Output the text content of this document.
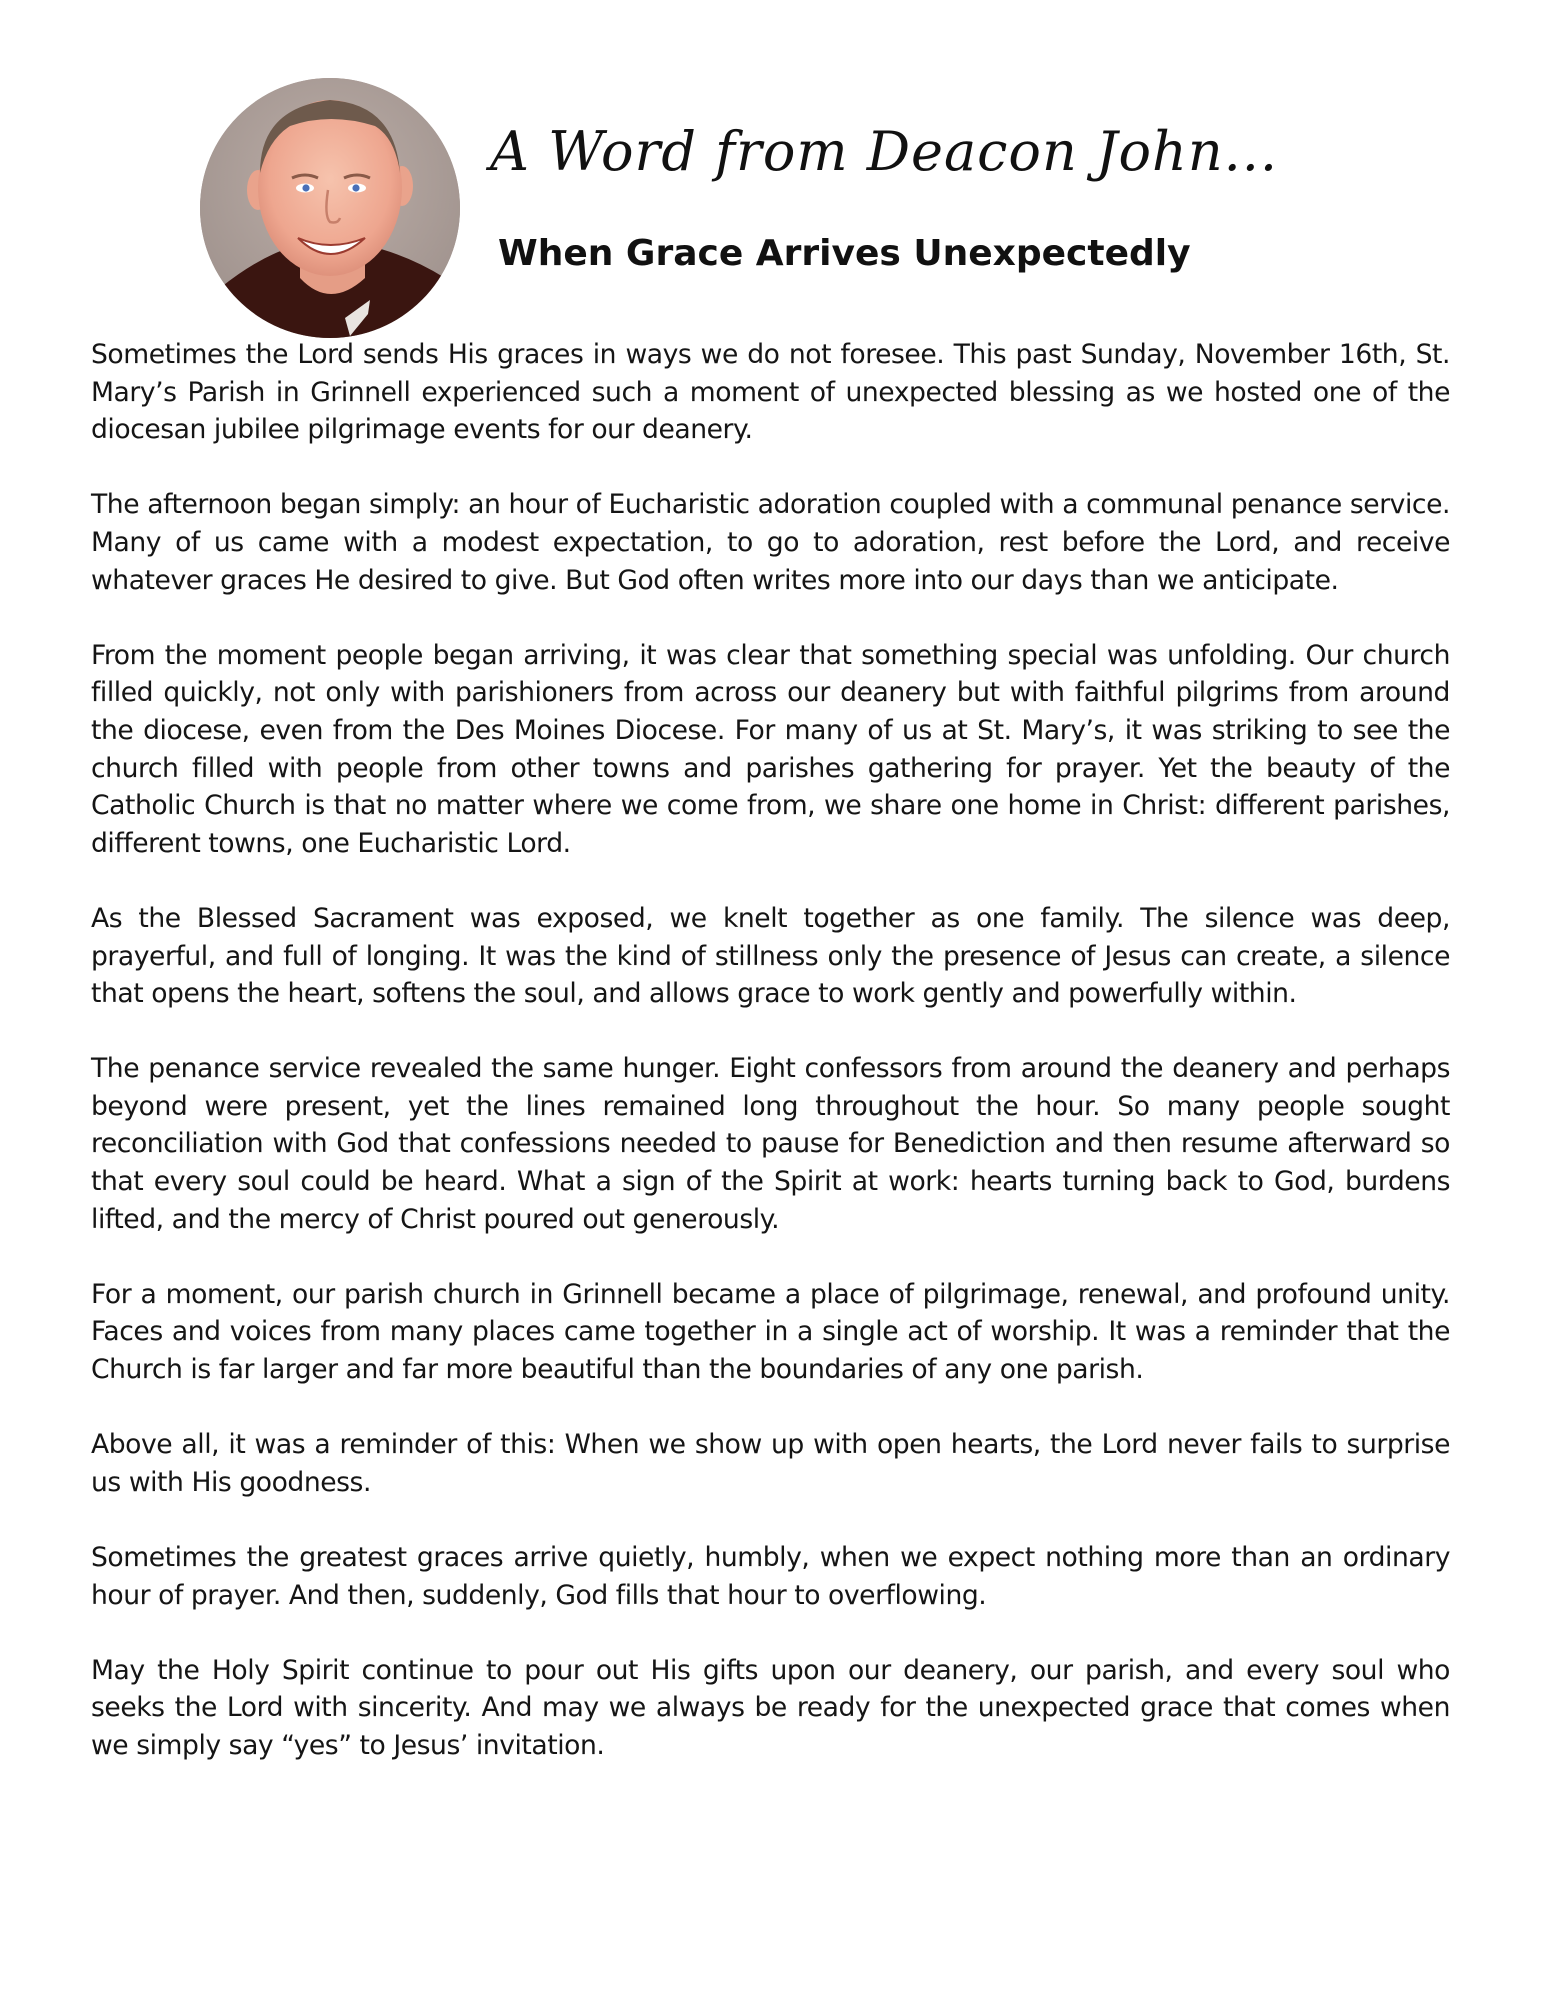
A Word from Deacon John...
When Grace Arrives Unexpectedly

Sometimes the Lord sends His graces in ways we do not foresee. This past Sunday, November 16th, St. Mary’s Parish in Grinnell experienced such a moment of unexpected blessing as we hosted one of the diocesan jubilee pilgrimage events for our deanery.

The afternoon began simply: an hour of Eucharistic adoration coupled with a communal penance service. Many of us came with a modest expectation, to go to adoration, rest before the Lord, and receive whatever graces He desired to give. But God often writes more into our days than we anticipate.

From the moment people began arriving, it was clear that something special was unfolding. Our church filled quickly, not only with parishioners from across our deanery but with faithful pilgrims from around the diocese, even from the Des Moines Diocese. For many of us at St. Mary’s, it was striking to see the church filled with people from other towns and parishes gathering for prayer. Yet the beauty of the Catholic Church is that no matter where we come from, we share one home in Christ: different parishes, different towns, one Eucharistic Lord.

As the Blessed Sacrament was exposed, we knelt together as one family. The silence was deep, prayerful, and full of longing. It was the kind of stillness only the presence of Jesus can create, a silence that opens the heart, softens the soul, and allows grace to work gently and powerfully within.

The penance service revealed the same hunger. Eight confessors from around the deanery and perhaps beyond were present, yet the lines remained long throughout the hour. So many people sought reconciliation with God that confessions needed to pause for Benediction and then resume afterward so that every soul could be heard. What a sign of the Spirit at work: hearts turning back to God, burdens lifted, and the mercy of Christ poured out generously.

For a moment, our parish church in Grinnell became a place of pilgrimage, renewal, and profound unity. Faces and voices from many places came together in a single act of worship. It was a reminder that the Church is far larger and far more beautiful than the boundaries of any one parish.

Above all, it was a reminder of this: When we show up with open hearts, the Lord never fails to surprise us with His goodness.

Sometimes the greatest graces arrive quietly, humbly, when we expect nothing more than an ordinary hour of prayer. And then, suddenly, God fills that hour to overflowing.

May the Holy Spirit continue to pour out His gifts upon our deanery, our parish, and every soul who seeks the Lord with sincerity. And may we always be ready for the unexpected grace that comes when we simply say “yes” to Jesus’ invitation.
